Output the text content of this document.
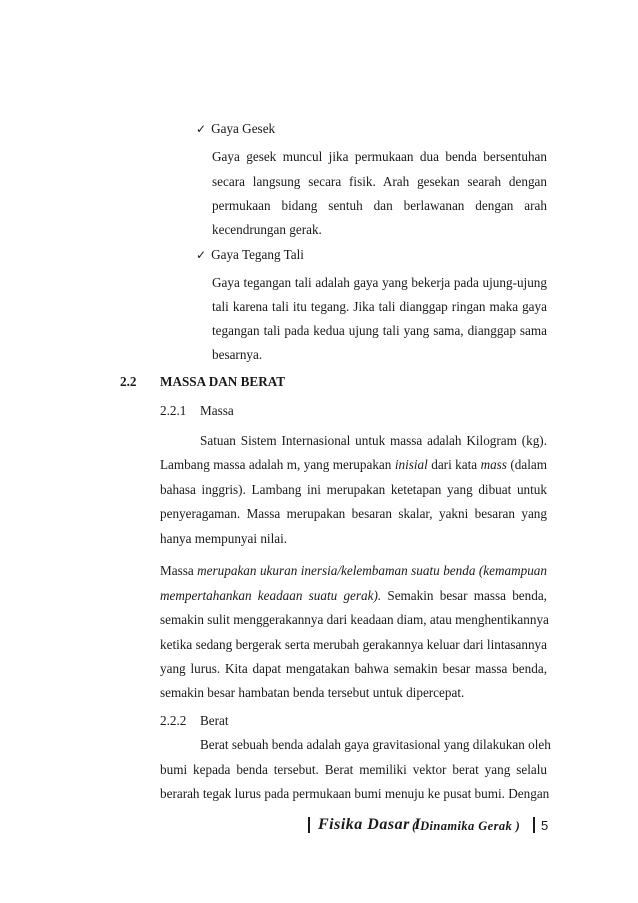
✓ Gaya Gesek
Gaya gesek muncul jika permukaan dua benda bersentuhan
secara langsung secara fisik. Arah gesekan searah dengan
permukaan bidang sentuh dan berlawanan dengan arah
kecendrungan gerak.
✓ Gaya Tegang Tali
Gaya tegangan tali adalah gaya yang bekerja pada ujung-ujung
tali karena tali itu tegang. Jika tali dianggap ringan maka gaya
tegangan tali pada kedua ujung tali yang sama, dianggap sama
besarnya.
2.2 MASSA DAN BERAT
2.2.1 Massa
Satuan Sistem Internasional untuk massa adalah Kilogram (kg).
Lambang massa adalah m, yang merupakan inisial dari kata mass (dalam
bahasa inggris). Lambang ini merupakan ketetapan yang dibuat untuk
penyeragaman. Massa merupakan besaran skalar, yakni besaran yang
hanya mempunyai nilai.
Massa merupakan ukuran inersia/kelembaman suatu benda (kemampuan
mempertahankan keadaan suatu gerak). Semakin besar massa benda,
semakin sulit menggerakannya dari keadaan diam, atau menghentikannya
ketika sedang bergerak serta merubah gerakannya keluar dari lintasannya
yang lurus. Kita dapat mengatakan bahwa semakin besar massa benda,
semakin besar hambatan benda tersebut untuk dipercepat.
2.2.2 Berat
Berat sebuah benda adalah gaya gravitasional yang dilakukan oleh
bumi kepada benda tersebut. Berat memiliki vektor berat yang selalu
berarah tegak lurus pada permukaan bumi menuju ke pusat bumi. Dengan
Fisika Dasar I
( Dinamika Gerak ) 5
